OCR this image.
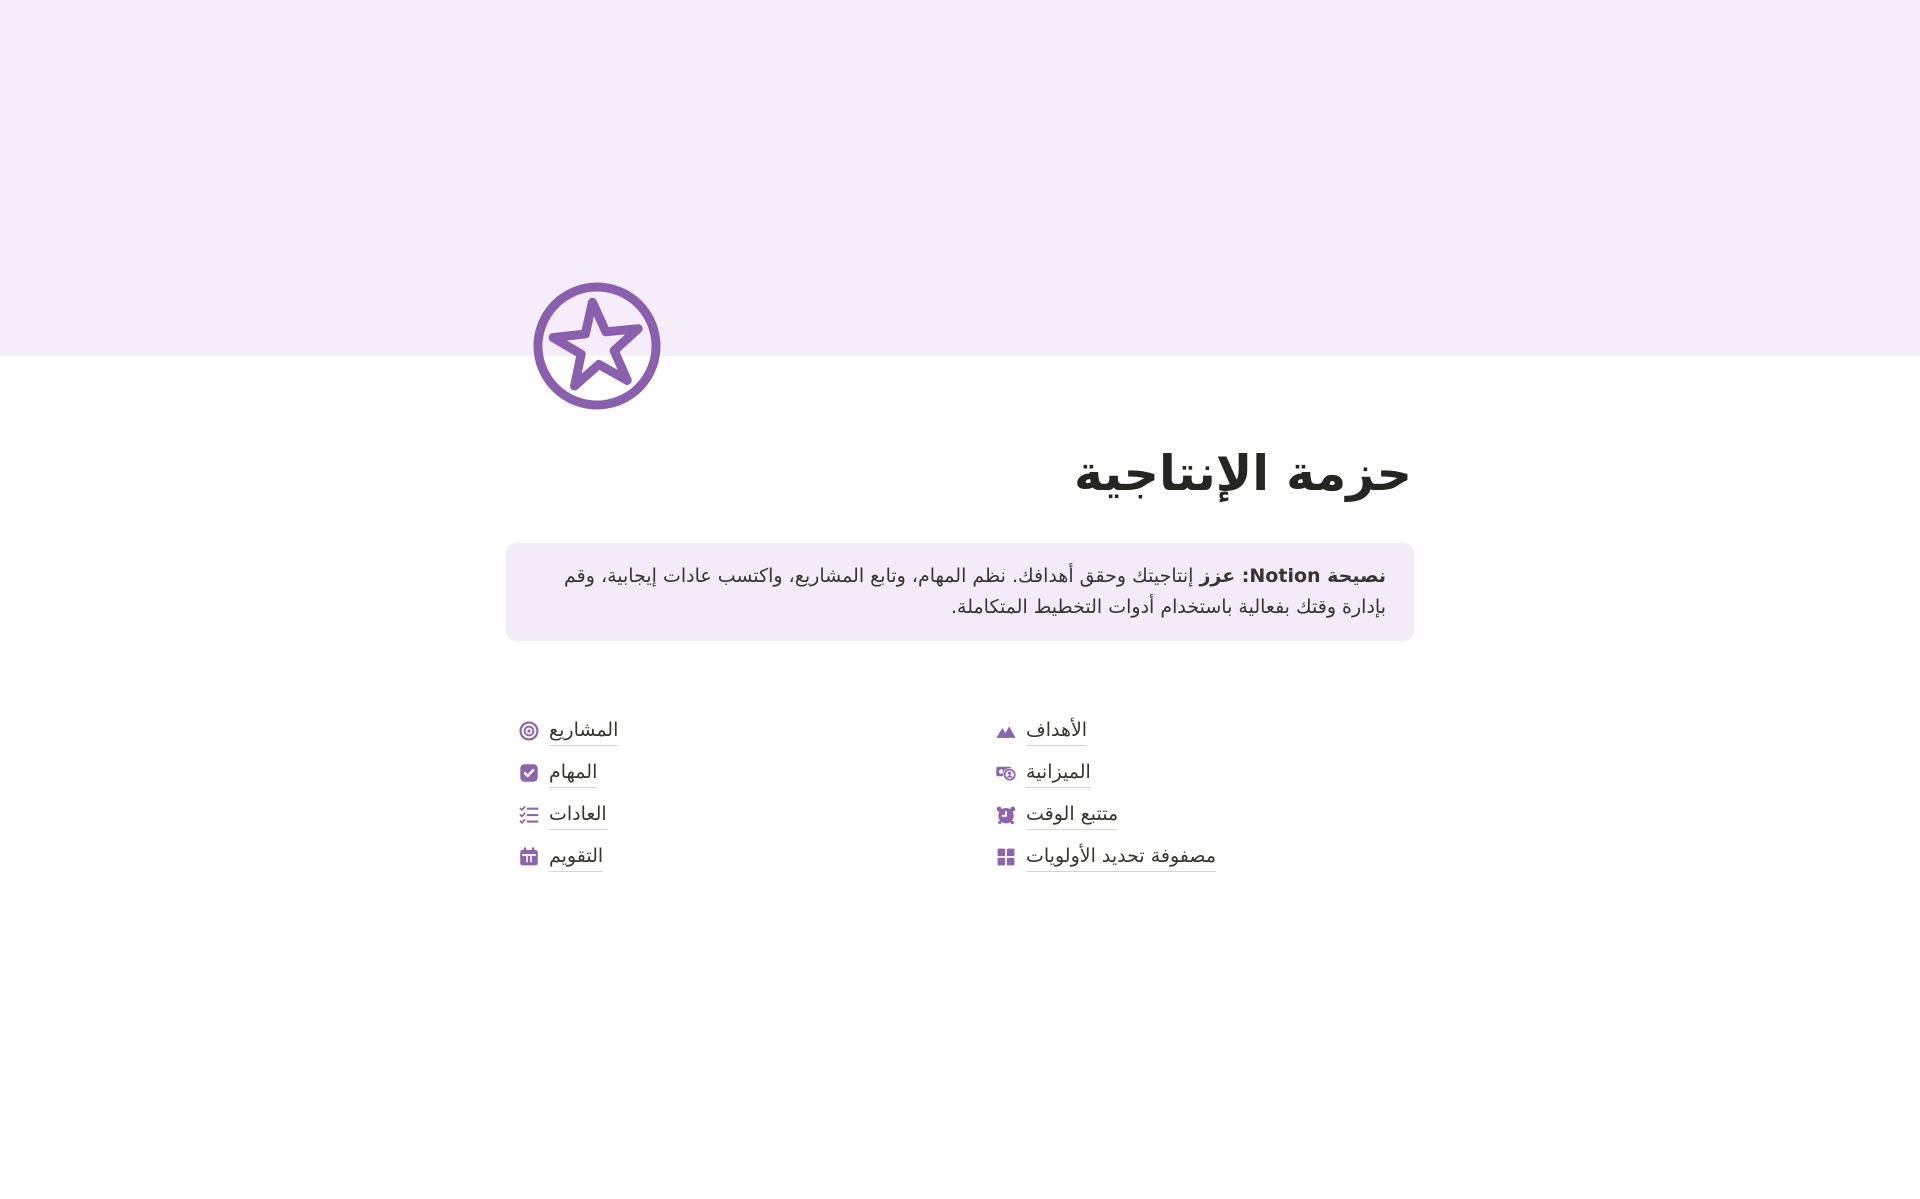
حزمة الإنتاجية

نصيحة Notion: عزز إنتاجيتك وحقق أهدافك. نظم المهام، وتابع المشاريع، واكتسب عادات إيجابية، وقم بإدارة وقتك بفعالية باستخدام أدوات التخطيط المتكاملة.

المشاريع
المهام
العادات
التقويم
الأهداف
الميزانية
متتبع الوقت
مصفوفة تحديد الأولويات
